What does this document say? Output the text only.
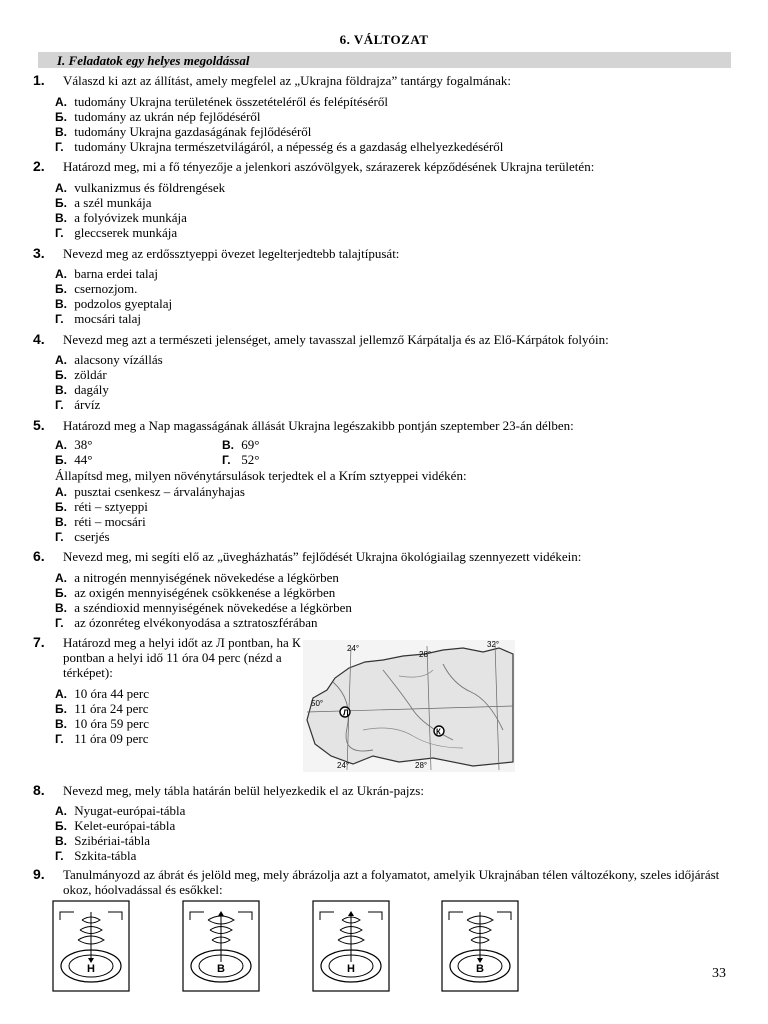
6. VÁLTOZAT
I. Feladatok egy helyes megoldással
1. Válaszd ki azt az állítást, amely megfelel az „Ukrajna földrajza” tantárgy fogalmának:
A. tudomány Ukrajna területének összetételéről és felépítéséről
Б. tudomány az ukrán nép fejlődéséről
В. tudomány Ukrajna gazdaságának fejlődéséről
Г. tudomány Ukrajna természetvilágáról, a népesség és a gazdaság elhelyezkedéséről
2. Határozd meg, mi a fő tényezője a jelenkori aszóvölgyek, szárazerek képződésének Ukrajna területén:
A. vulkanizmus és földrengések
Б. a szél munkája
В. a folyóvizek munkája
Г. gleccserek munkája
3. Nevezd meg az erdőssztyeppi övezet legelterjedtebb talajtípusát:
A. barna erdei talaj
Б. csernozjom.
В. podzolos gyeptalaj
Г. mocsári talaj
4. Nevezd meg azt a természeti jelenséget, amely tavasszal jellemző Kárpátalja és az Elő-Kárpátok folyóin:
A. alacsony vízállás
Б. zöldár
В. dagály
Г. árvíz
5. Határozd meg a Nap magasságának állását Ukrajna legészakibb pontján szeptember 23-án délben:
A. 38°	В. 69°
Б. 44°	Г. 52°
Állapítsd meg, milyen növénytársulások terjedtek el a Krím sztyeppei vidékén:
A. pusztai csenkesz – árvalányhajas
Б. réti – sztyeppi
В. réti – mocsári
Г. cserjés
6. Nevezd meg, mi segíti elő az „üvegházhatás” fejlődését Ukrajna ökológiailag szennyezett vidékein:
A. a nitrogén mennyiségének növekedése a légkörben
Б. az oxigén mennyiségének csökkenése a légkörben
В. a széndioxid mennyiségének növekedése a légkörben
Г. az ózonréteg elvékonyodása a sztratoszférában
7. Határozd meg a helyi időt az Л pontban, ha К pontban a helyi idő 11 óra 04 perc (nézd a térképet):
A. 10 óra 44 perc
Б. 11 óra 24 perc
В. 10 óra 59 perc
Г. 11 óra 09 perc
Л
К
24°
28°
32°
50°
24°	28°
8. Nevezd meg, mely tábla határán belül helyezkedik el az Ukrán-pajzs:
A. Nyugat-európai-tábla
Б. Kelet-európai-tábla
В. Szibériai-tábla
Г. Szkita-tábla
9. Tanulmányozd az ábrát és jelöld meg, mely ábrázolja azt a folyamatot, amelyik Ukrajnában télen változékony, szeles időjárást okoz, hóolvadással és esőkkel:
H	B	H	B	33
